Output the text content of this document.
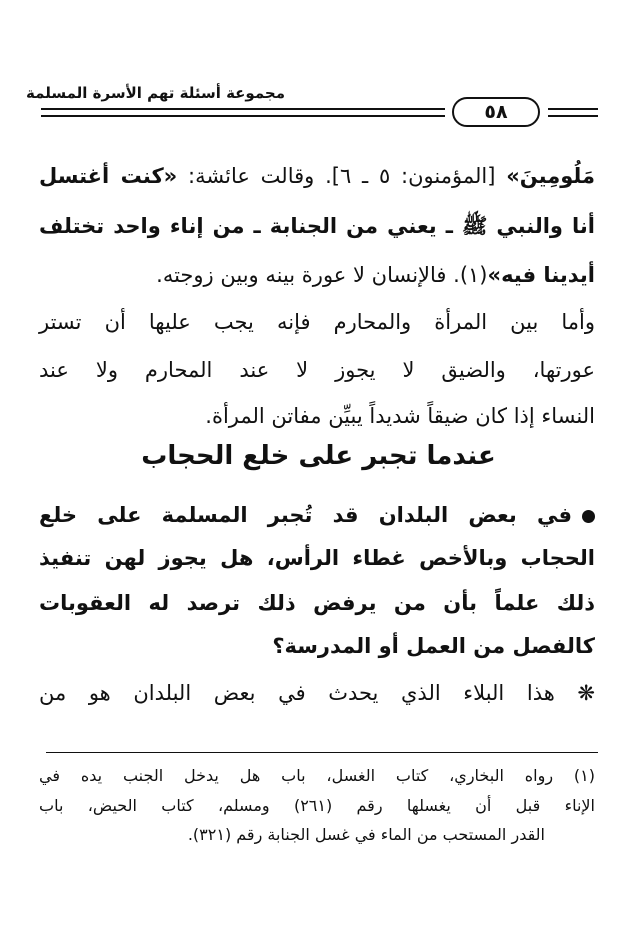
مجموعة أسئلة تهم الأسرة المسلمة
٥٨
مَلُومِينَ» [المؤمنون: ٥ ـ ٦]. وقالت عائشة: «كنت أغتسل
أنا والنبي ﷺ ـ يعني من الجنابة ـ من إناء واحد تختلف
أيدينا فيه»(١). فالإنسان لا عورة بينه وبين زوجته.
وأما بين المرأة والمحارم فإنه يجب عليها أن تستر
عورتها، والضيق لا يجوز لا عند المحارم ولا عند
النساء إذا كان ضيقاً شديداً يبيِّن مفاتن المرأة.
عندما تجبر على خلع الحجاب
في بعض البلدان قد تُجبر المسلمة على خلع
الحجاب وبالأخص غطاء الرأس، هل يجوز لهن تنفيذ
ذلك علماً بأن من يرفض ذلك ترصد له العقوبات
كالفصل من العمل أو المدرسة؟
❋ هذا البلاء الذي يحدث في بعض البلدان هو من
(١) رواه البخاري، كتاب الغسل، باب هل يدخل الجنب يده في
الإناء قبل أن يغسلها رقم (٢٦١) ومسلم، كتاب الحيض، باب
القدر المستحب من الماء في غسل الجنابة رقم (٣٢١).
